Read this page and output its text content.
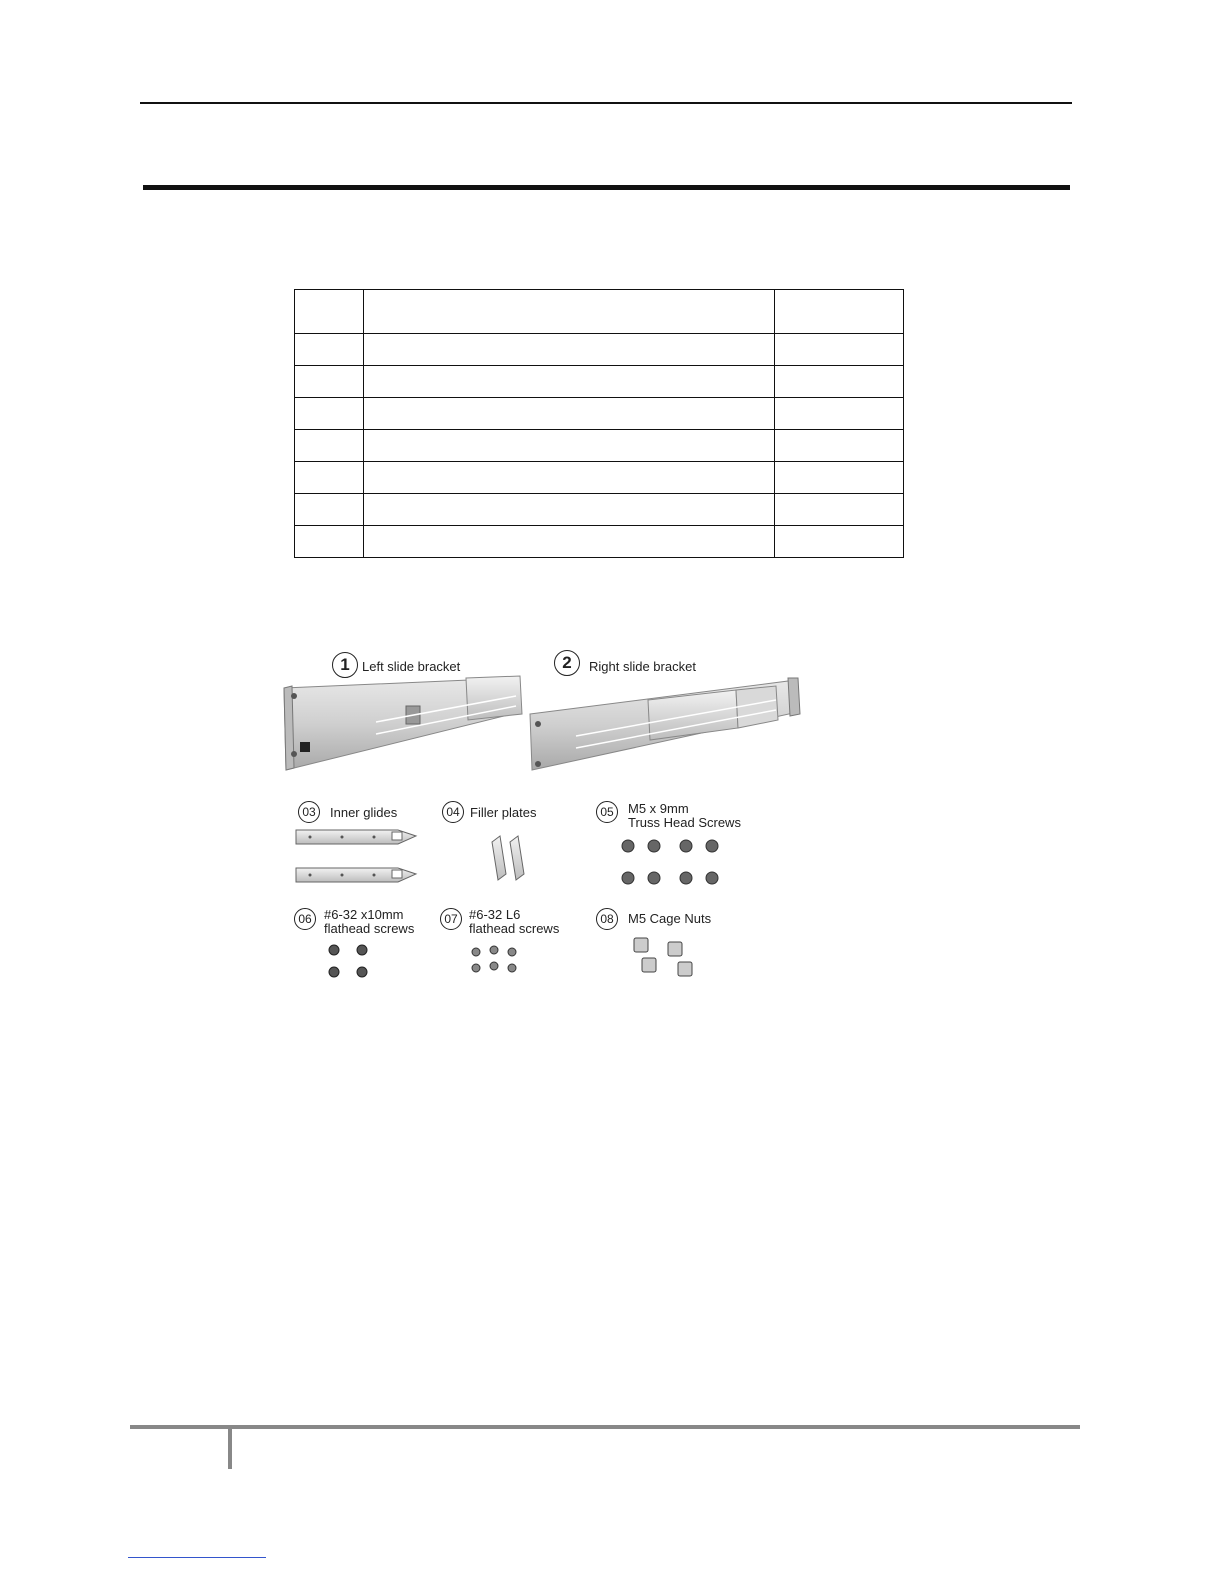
1 Left slide bracket	2	Right slide bracket
03	Inner glides	04 Filler plates	05	M5 x 9mm
Truss Head Screws
06 #6-32 x10mm
flathead screws
07 #6-32 L6
flathead screws
08	M5 Cage Nuts
